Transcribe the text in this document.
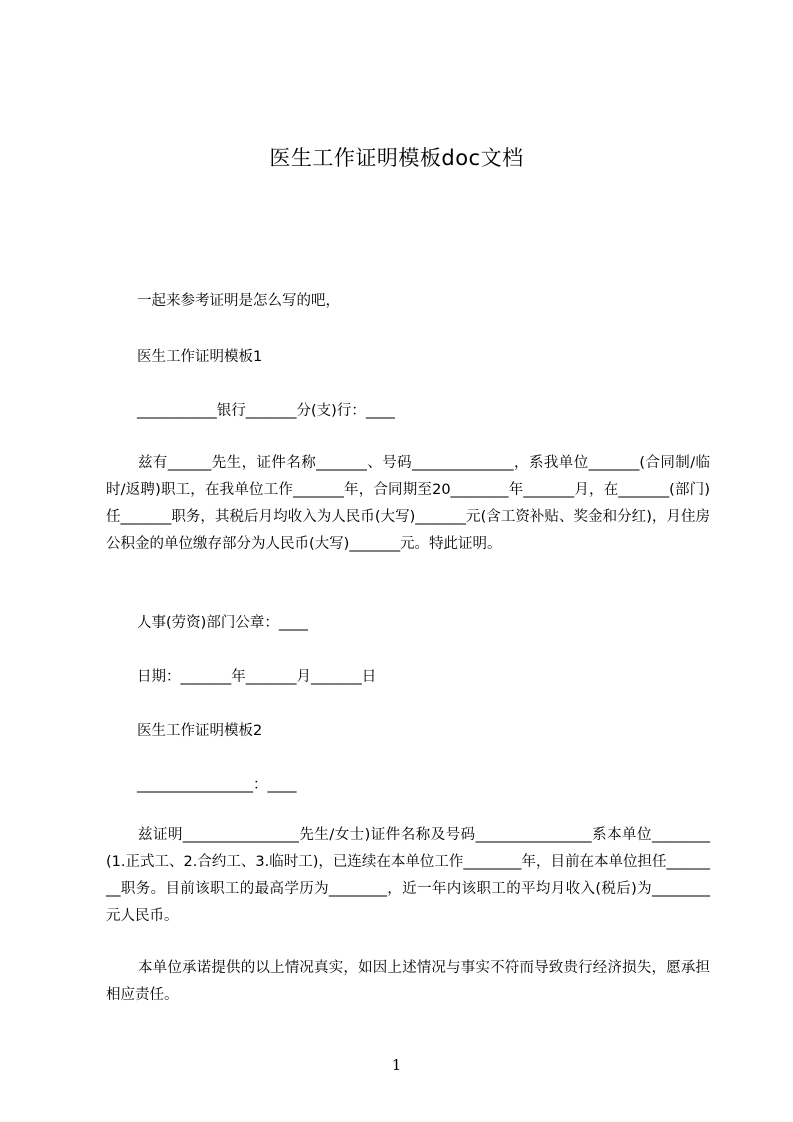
医生工作证明模板doc文档
一起来参考证明是怎么写的吧，
医生工作证明模板1
___________银行_______分(支)行：____
兹有______先生，证件名称_______、号码______________，系我单位_______(合同制/临时/返聘)职工，在我单位工作_______年，合同期至20________年_______月，在_______(部门)任_______职务，其税后月均收入为人民币(大写)_______元(含工资补贴、奖金和分红)，月住房公积金的单位缴存部分为人民币(大写)_______元。特此证明。
人事(劳资)部门公章：____
日期：_______年_______月_______日
医生工作证明模板2
________________：____
兹证明________________先生/女士)证件名称及号码________________系本单位________(1.正式工、2.合约工、3.临时工)，已连续在本单位工作________年，目前在本单位担任________职务。目前该职工的最高学历为________，近一年内该职工的平均月收入(税后)为________元人民币。
本单位承诺提供的以上情况真实，如因上述情况与事实不符而导致贵行经济损失，愿承担相应责任。
1
